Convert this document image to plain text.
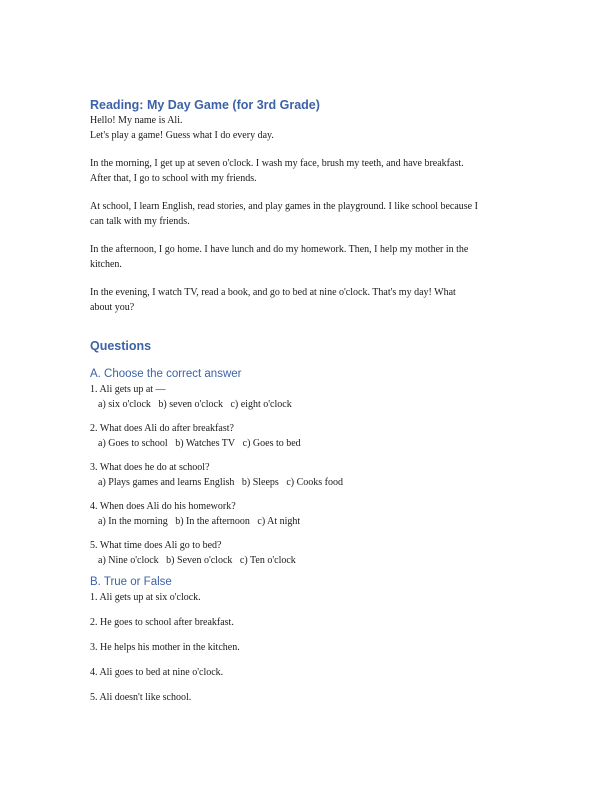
Reading: My Day Game (for 3rd Grade)

Hello! My name is Ali.

Let's play a game! Guess what I do every day.

In the morning, I get up at seven o'clock. I wash my face, brush my teeth, and have breakfast.

After that, I go to school with my friends.

At school, I learn English, read stories, and play games in the playground. I like school because I

can talk with my friends.

In the afternoon, I go home. I have lunch and do my homework. Then, I help my mother in the

kitchen.

In the evening, I watch TV, read a book, and go to bed at nine o'clock. That's my day! What

about you?

Questions
A. Choose the correct answer

1. Ali gets up at —

a) six o'clock b) seven o'clock c) eight o'clock

2. What does Ali do after breakfast?

a) Goes to school b) Watches TV c) Goes to bed

3. What does he do at school?

a) Plays games and learns English b) Sleeps c) Cooks food

4. When does Ali do his homework?

a) In the morning b) In the afternoon c) At night

5. What time does Ali go to bed?

a) Nine o'clock b) Seven o'clock c) Ten o'clock

B. True or False

1. Ali gets up at six o'clock.

2. He goes to school after breakfast.

3. He helps his mother in the kitchen.

4. Ali goes to bed at nine o'clock.

5. Ali doesn't like school.
